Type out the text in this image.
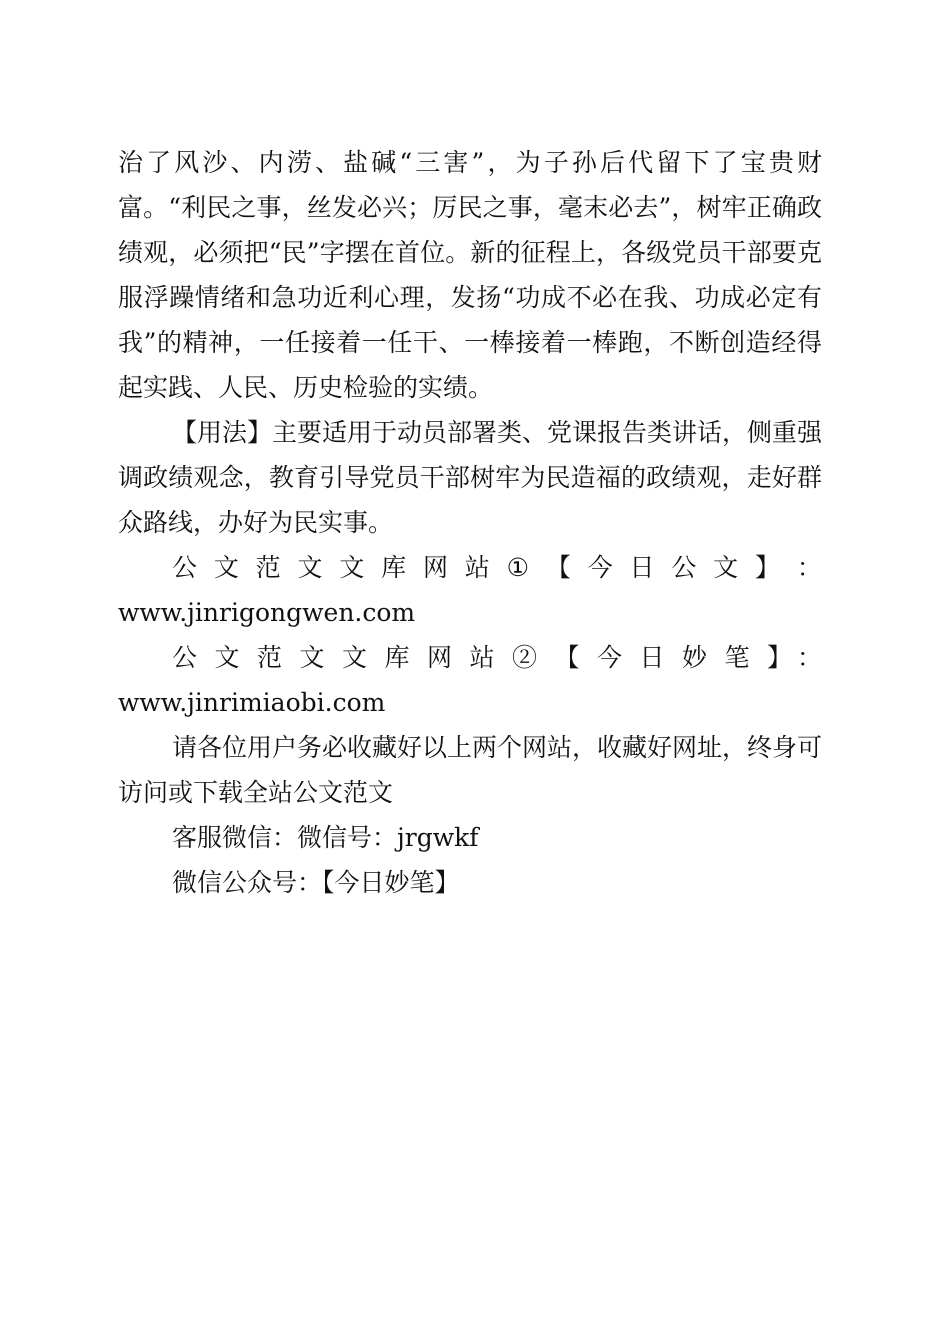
治了风沙、内涝、盐碱“三害”，为子孙后代留下了宝贵财富。“利民之事，丝发必兴；厉民之事，毫末必去”，树牢正确政绩观，必须把“民”字摆在首位。新的征程上，各级党员干部要克服浮躁情绪和急功近利心理，发扬“功成不必在我、功成必定有我”的精神，一任接着一任干、一棒接着一棒跑，不断创造经得起实践、人民、历史检验的实绩。

【用法】主要适用于动员部署类、党课报告类讲话，侧重强调政绩观念，教育引导党员干部树牢为民造福的政绩观，走好群众路线，办好为民实事。

公 文 范 文 文 库 网 站 ① 【 今 日 公 文 】 ：

www.jinrigongwen.com

公文范文文库网站②【今日妙笔】：www.jinrimiaobi.com

请各位用户务必收藏好以上两个网站，收藏好网址，终身可访问或下载全站公文范文

客服微信：微信号：jrgwkf

微信公众号：【今日妙笔】
